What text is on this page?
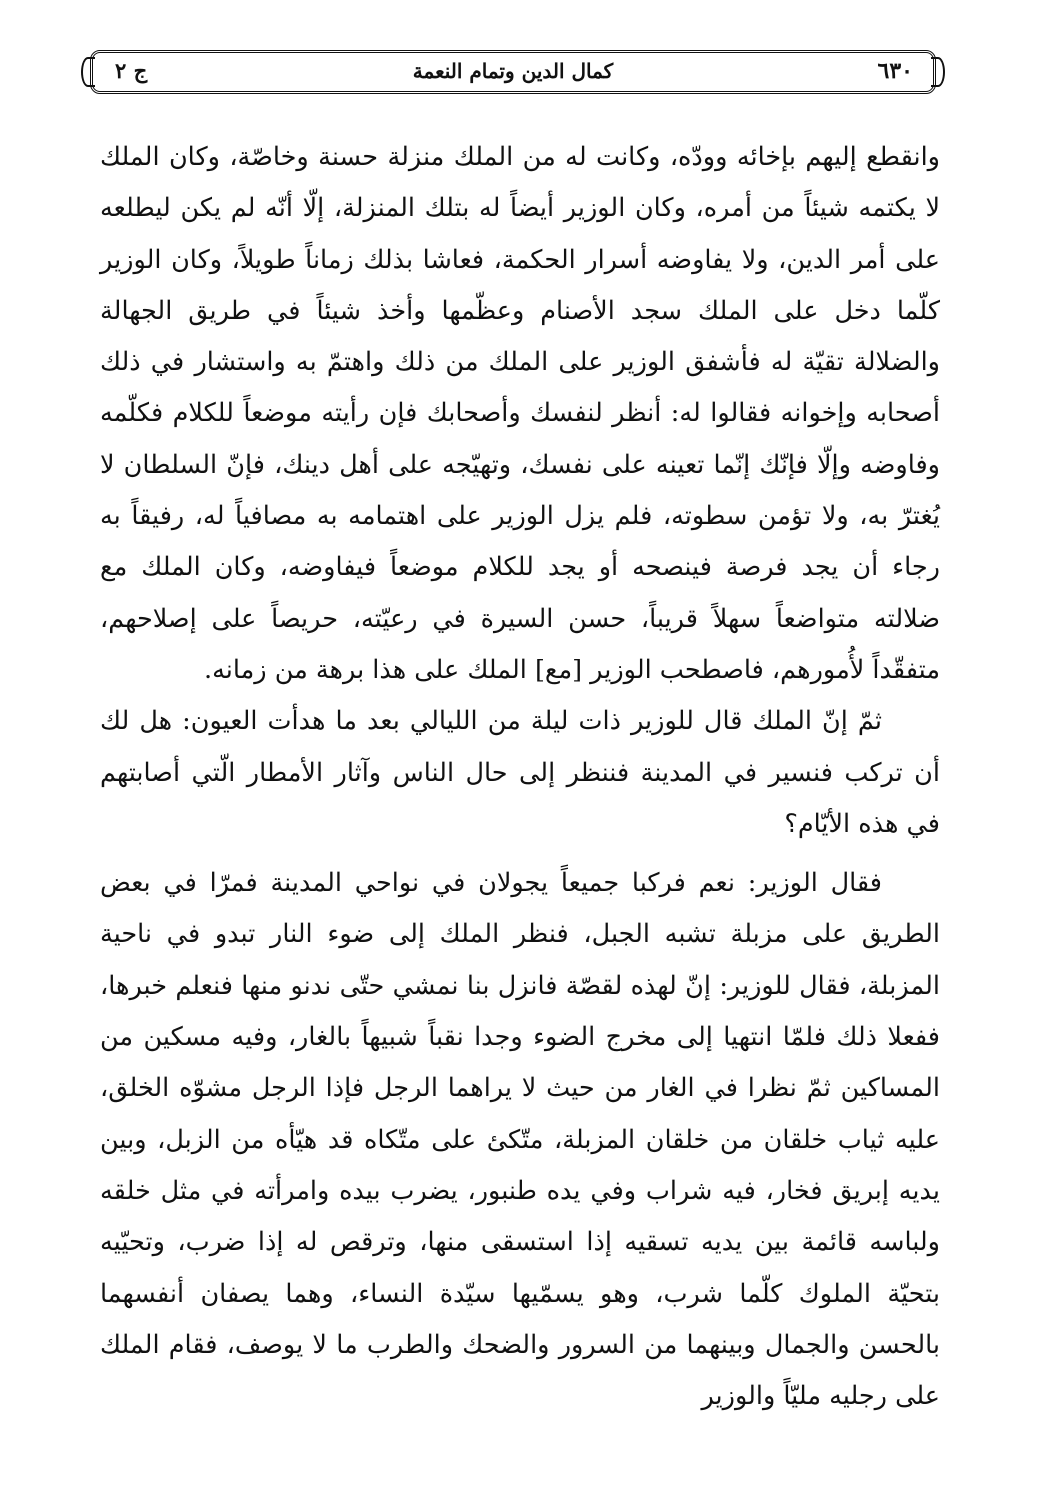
٦٣٠
كمال الدين وتمام النعمة
ج ٢

وانقطع إليهم بإخائه وودّه، وكانت له من الملك منزلة حسنة وخاصّة، وكان الملك لا يكتمه شيئاً من أمره، وكان الوزير أيضاً له بتلك المنزلة، إلّا أنّه لم يكن ليطلعه على أمر الدين، ولا يفاوضه أسرار الحكمة، فعاشا بذلك زماناً طويلاً، وكان الوزير كلّما دخل على الملك سجد الأصنام وعظّمها وأخذ شيئاً في طريق الجهالة والضلالة تقيّة له فأشفق الوزير على الملك من ذلك واهتمّ به واستشار في ذلك أصحابه وإخوانه فقالوا له: أنظر لنفسك وأصحابك فإن رأيته موضعاً للكلام فكلّمه وفاوضه وإلّا فإنّك إنّما تعينه على نفسك، وتهيّجه على أهل دينك، فإنّ السلطان لا يُغترّ به، ولا تؤمن سطوته، فلم يزل الوزير على اهتمامه به مصافياً له، رفيقاً به رجاء أن يجد فرصة فينصحه أو يجد للكلام موضعاً فيفاوضه، وكان الملك مع ضلالته متواضعاً سهلاً قريباً، حسن السيرة في رعيّته، حريصاً على إصلاحهم، متفقّداً لأُمورهم، فاصطحب الوزير [مع] الملك على هذا برهة من زمانه.

ثمّ إنّ الملك قال للوزير ذات ليلة من الليالي بعد ما هدأت العيون: هل لك أن تركب فنسير في المدينة فننظر إلى حال الناس وآثار الأمطار الّتي أصابتهم في هذه الأيّام؟

فقال الوزير: نعم فركبا جميعاً يجولان في نواحي المدينة فمرّا في بعض الطريق على مزبلة تشبه الجبل، فنظر الملك إلى ضوء النار تبدو في ناحية المزبلة، فقال للوزير: إنّ لهذه لقصّة فانزل بنا نمشي حتّى ندنو منها فنعلم خبرها، ففعلا ذلك فلمّا انتهيا إلى مخرج الضوء وجدا نقباً شبيهاً بالغار، وفيه مسكين من المساكين ثمّ نظرا في الغار من حيث لا يراهما الرجل فإذا الرجل مشوّه الخلق، عليه ثياب خلقان من خلقان المزبلة، متّكئ على متّكاه قد هيّأه من الزبل، وبين يديه إبريق فخار، فيه شراب وفي يده طنبور، يضرب بيده وامرأته في مثل خلقه ولباسه قائمة بين يديه تسقيه إذا استسقى منها، وترقص له إذا ضرب، وتحيّيه بتحيّة الملوك كلّما شرب، وهو يسمّيها سيّدة النساء، وهما يصفان أنفسهما بالحسن والجمال وبينهما من السرور والضحك والطرب ما لا يوصف، فقام الملك على رجليه مليّاً والوزير
